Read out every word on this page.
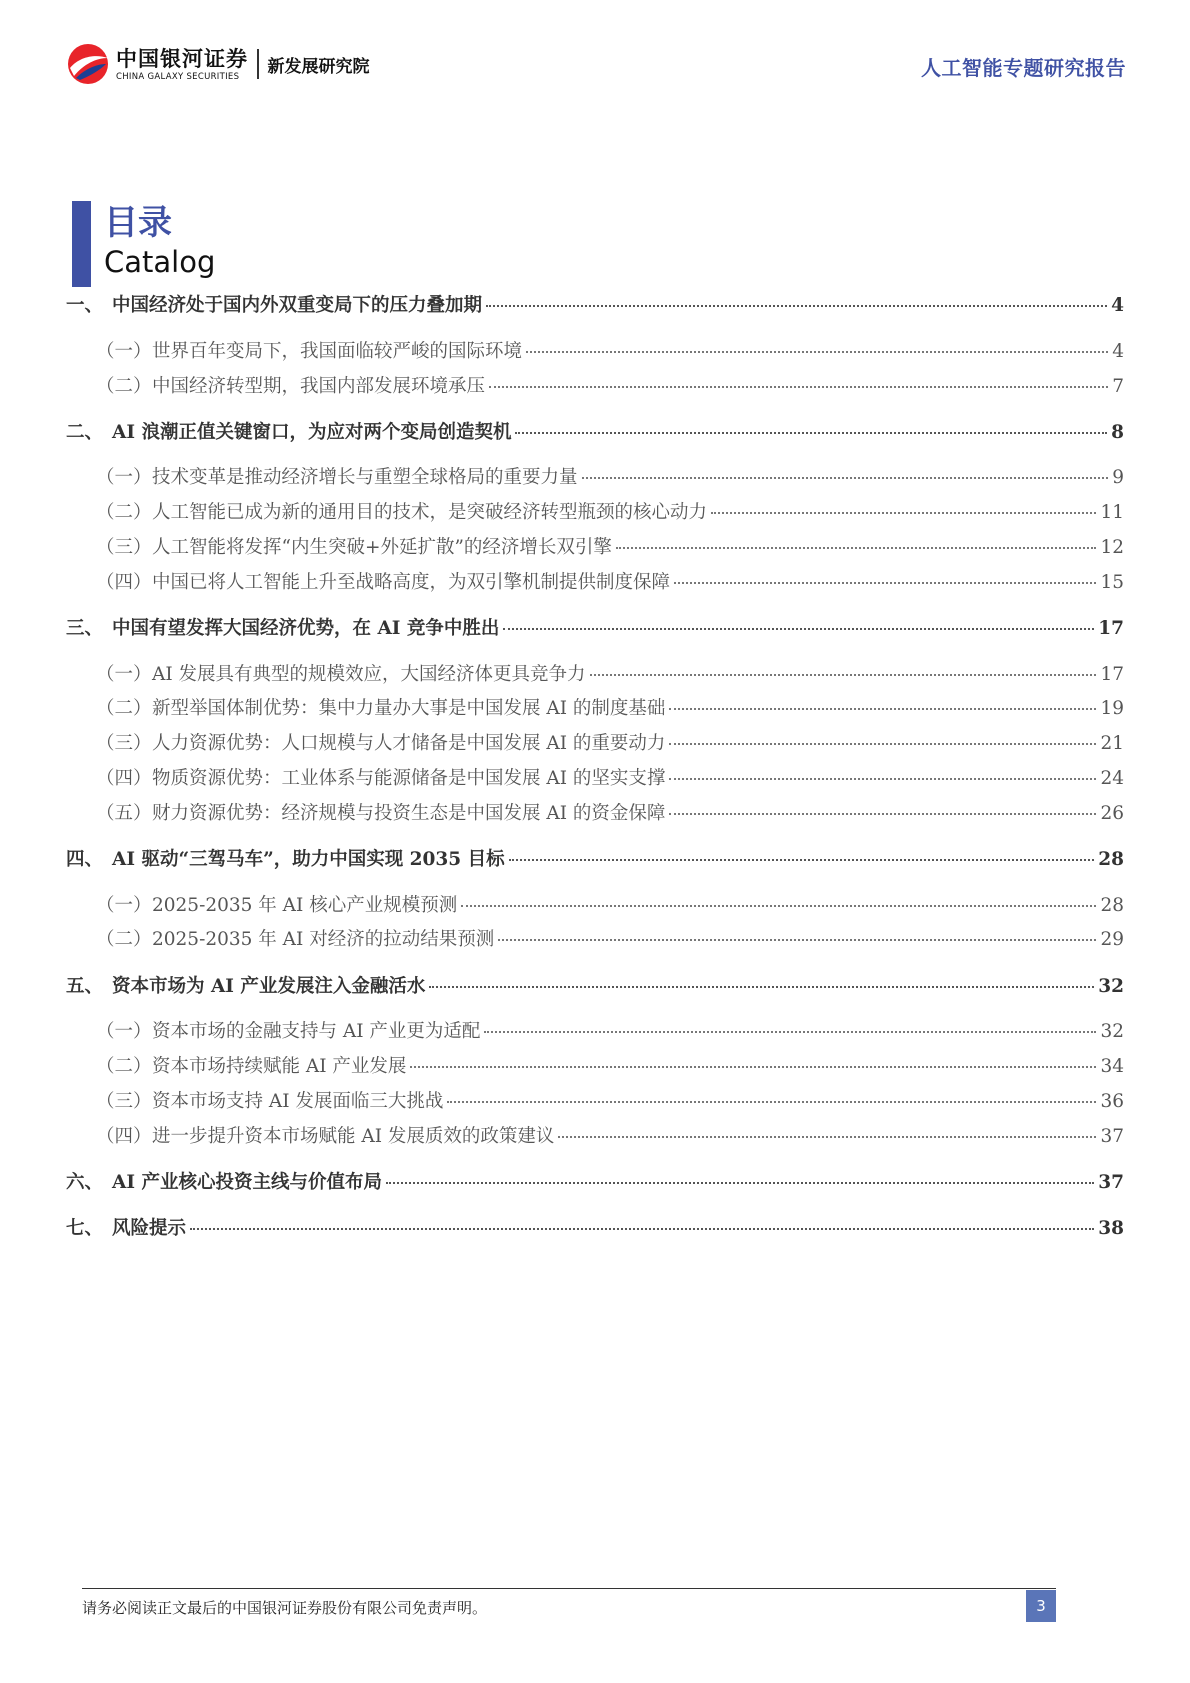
中国银河证券
CHINA GALAXY SECURITIES	新发展研究院	人工智能专题研究报告
目录
Catalog
一、 中国经济处于国内外双重变局下的压力叠加期	4
（一） 世界百年变局下，我国面临较严峻的国际环境	4
（二） 中国经济转型期，我国内部发展环境承压	7
二、 AI 浪潮正值关键窗口，为应对两个变局创造契机	8
（一） 技术变革是推动经济增长与重塑全球格局的重要力量	9
（二） 人工智能已成为新的通用目的技术，是突破经济转型瓶颈的核心动力	11
（三） 人工智能将发挥“内生突破+外延扩散”的经济增长双引擎	12
（四） 中国已将人工智能上升至战略高度，为双引擎机制提供制度保障	15
三、 中国有望发挥大国经济优势，在 AI 竞争中胜出	17
（一） AI 发展具有典型的规模效应，大国经济体更具竞争力	17
（二） 新型举国体制优势：集中力量办大事是中国发展 AI 的制度基础	19
（三） 人力资源优势：人口规模与人才储备是中国发展 AI 的重要动力	21
（四） 物质资源优势：工业体系与能源储备是中国发展 AI 的坚实支撑	24
（五） 财力资源优势：经济规模与投资生态是中国发展 AI 的资金保障	26
四、 AI 驱动“三驾马车”，助力中国实现 2035 目标	28
（一） 2025-2035 年 AI 核心产业规模预测	28
（二） 2025-2035 年 AI 对经济的拉动结果预测	29
五、 资本市场为 AI 产业发展注入金融活水	32
（一） 资本市场的金融支持与 AI 产业更为适配	32
（二） 资本市场持续赋能 AI 产业发展	34
（三） 资本市场支持 AI 发展面临三大挑战	36
（四） 进一步提升资本市场赋能 AI 发展质效的政策建议	37
六、 AI 产业核心投资主线与价值布局	37
七、 风险提示	38
请务必阅读正文最后的中国银河证券股份有限公司免责声明。	3
